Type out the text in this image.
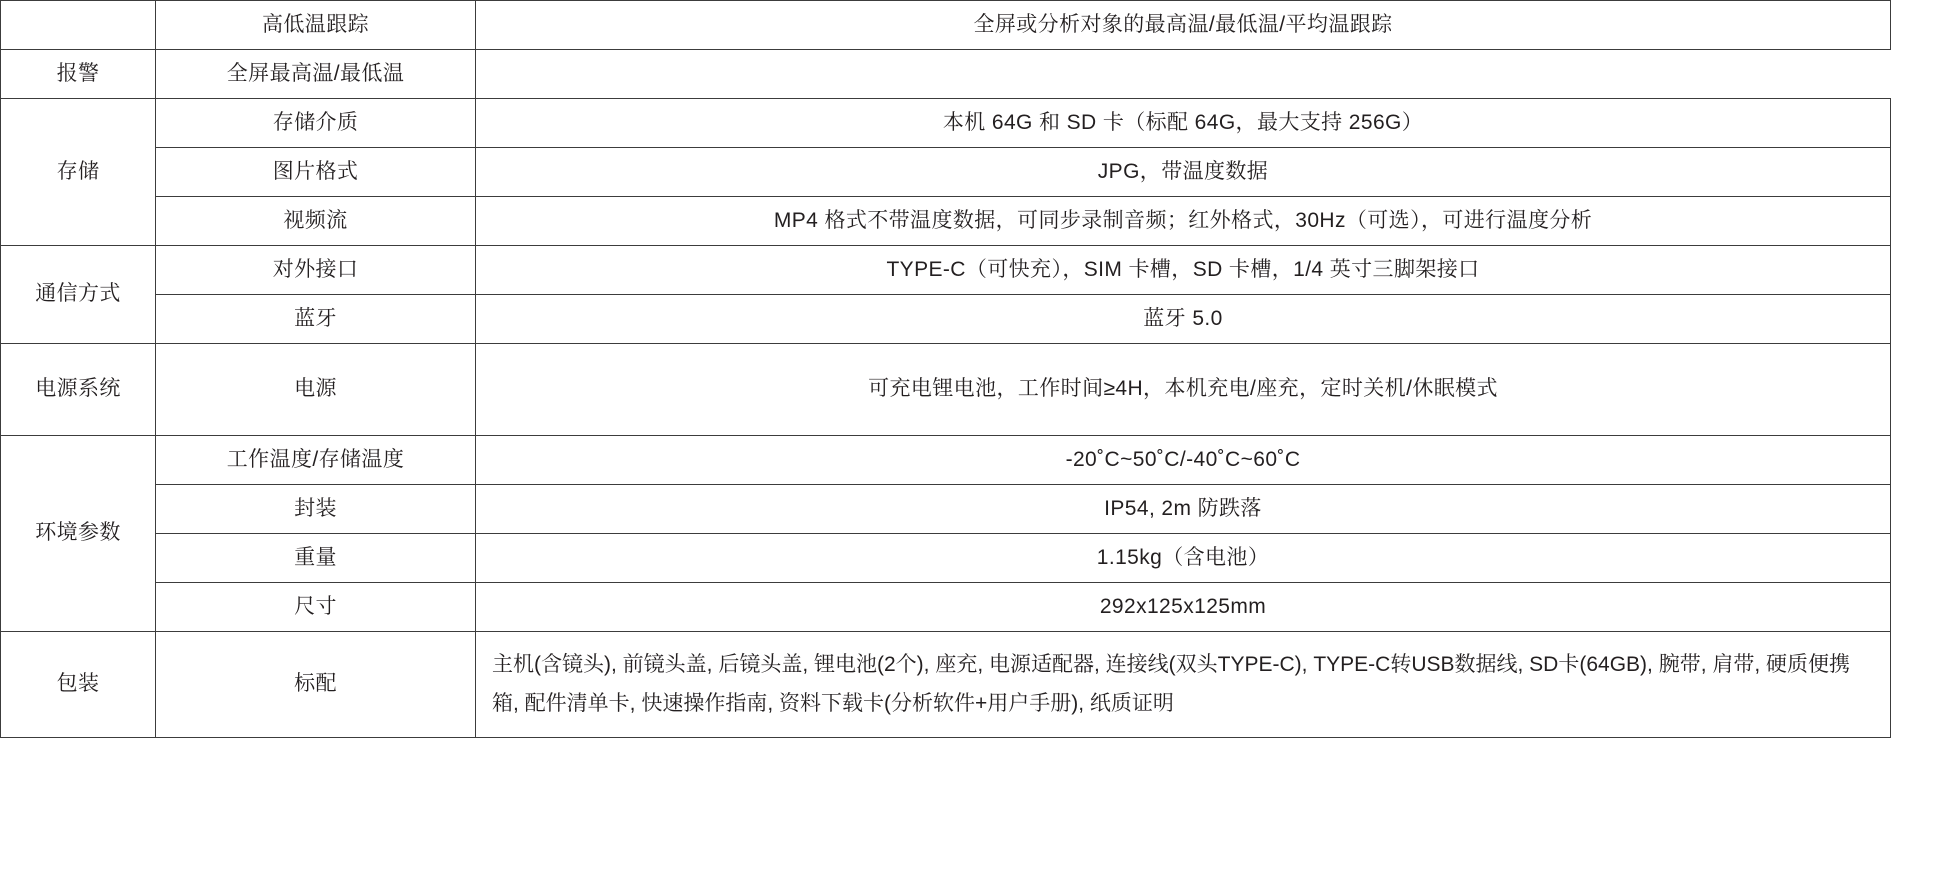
	高低温跟踪	全屏或分析对象的最高温/最低温/平均温跟踪
报警	全屏最高温/最低温	
存储	存储介质	本机 64G 和 SD 卡（标配 64G，最大支持 256G）
	图片格式	JPG，带温度数据
	视频流	MP4 格式不带温度数据，可同步录制音频；红外格式，30Hz（可选），可进行温度分析
通信方式	对外接口	TYPE-C（可快充），SIM 卡槽，SD 卡槽，1/4 英寸三脚架接口
	蓝牙	蓝牙 5.0
电源系统	电源	可充电锂电池，工作时间≥4H，本机充电/座充，定时关机/休眠模式
环境参数	工作温度/存储温度	-20˚C~50˚C/-40˚C~60˚C
	封装	IP54, 2m 防跌落
	重量	1.15kg（含电池）
	尺寸	292x125x125mm
包装	标配	主机(含镜头), 前镜头盖, 后镜头盖, 锂电池(2个), 座充, 电源适配器, 连接线(双头TYPE-C), TYPE-C转USB数据线, SD卡(64GB), 腕带, 肩带, 硬质便携箱, 配件清单卡, 快速操作指南, 资料下载卡(分析软件+用户手册), 纸质证明
